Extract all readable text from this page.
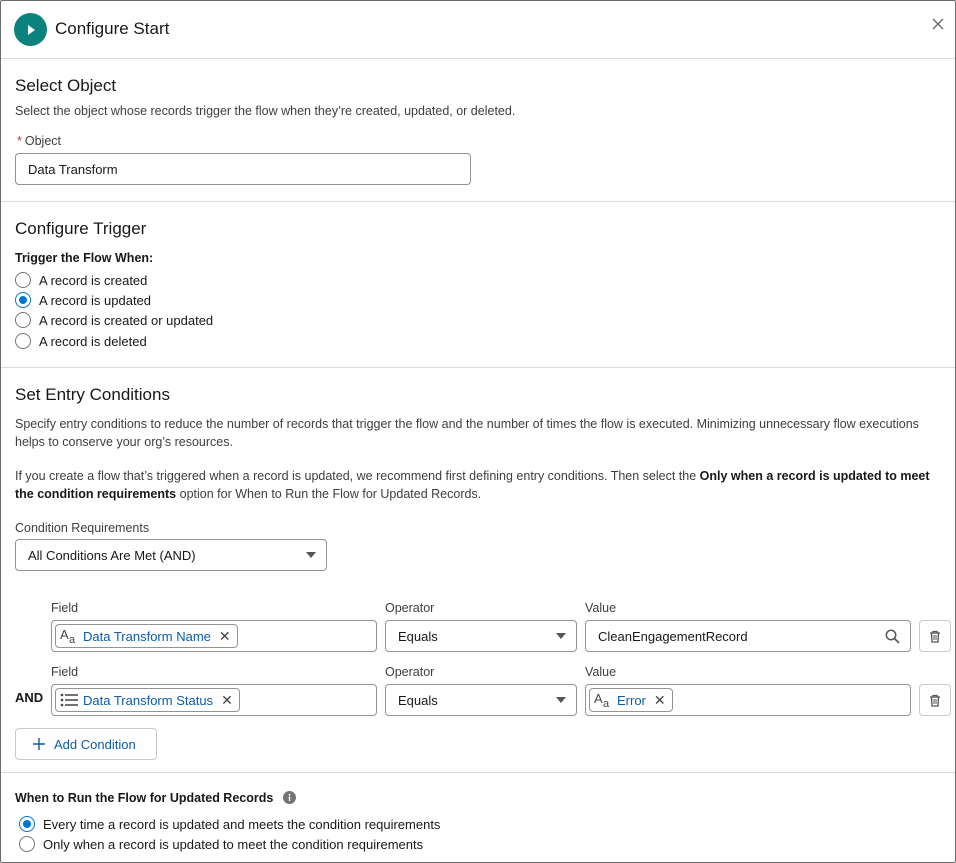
Configure Start
Select Object
Select the object whose records trigger the flow when they’re created, updated, or deleted.
* Object
Data Transform
Configure Trigger
Trigger the Flow When:
A record is created
A record is updated
A record is created or updated
A record is deleted
Set Entry Conditions
Specify entry conditions to reduce the number of records that trigger the flow and the number of times the flow is executed. Minimizing unnecessary flow executions helps to conserve your org’s resources.
If you create a flow that’s triggered when a record is updated, we recommend first defining entry conditions. Then select the Only when a record is updated to meet the condition requirements option for When to Run the Flow for Updated Records.
Condition Requirements
All Conditions Are Met (AND)
Field	Operator	Value
A a Data Transform Name ✕	Equals	CleanEngagementRecord
Field	Operator	Value
AND	Data Transform Status ✕	Equals	A a Error ✕
Add Condition
When to Run the Flow for Updated Records
Every time a record is updated and meets the condition requirements
Only when a record is updated to meet the condition requirements
